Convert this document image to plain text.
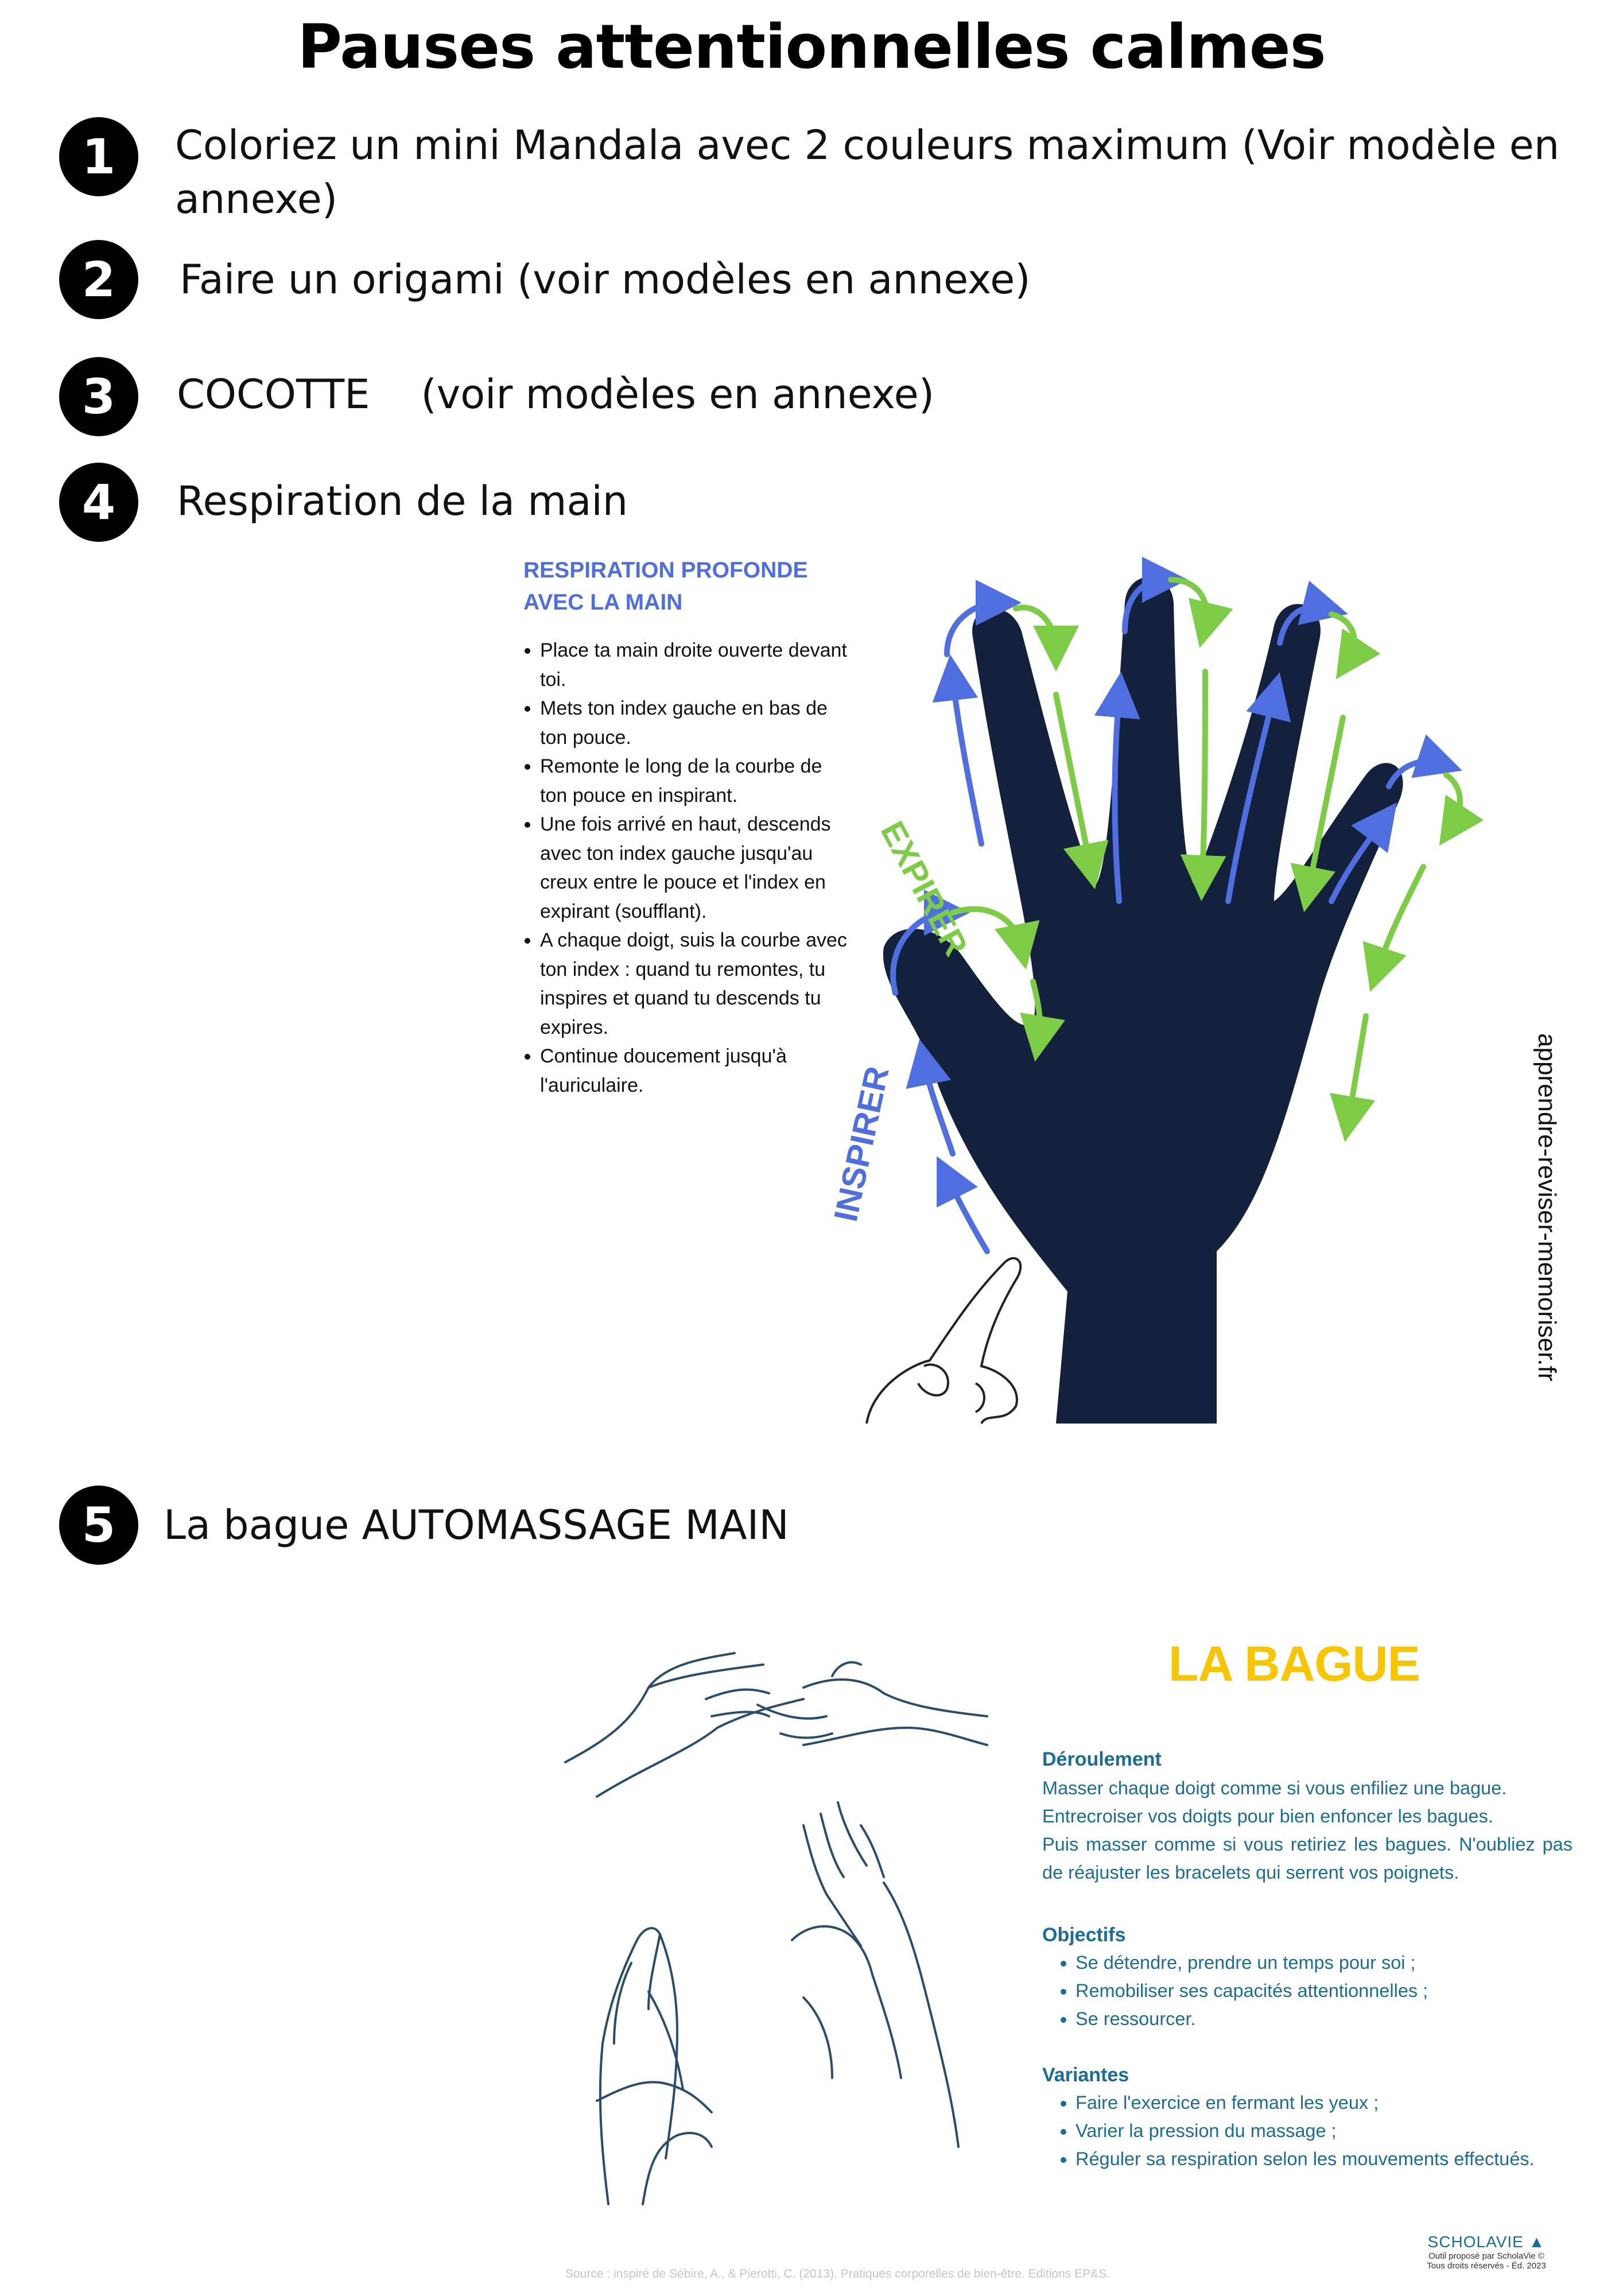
Pauses attentionnelles calmes
1	Coloriez un mini Mandala avec 2 couleurs maximum (Voir modèle en annexe)
2	Faire un origami (voir modèles en annexe)
3	COCOTTE    (voir modèles en annexe)
4	Respiration de la main
5	La bague AUTOMASSAGE MAIN
RESPIRATION PROFONDE
AVEC LA MAIN
• Place ta main droite ouverte devant toi.
• Mets ton index gauche en bas de ton pouce.
• Remonte le long de la courbe de ton pouce en inspirant.
• Une fois arrivé en haut, descends avec ton index gauche jusqu'au creux entre le pouce et l'index en expirant (soufflant).
• A chaque doigt, suis la courbe avec ton index : quand tu remontes, tu inspires et quand tu descends tu expires.
• Continue doucement jusqu'à l'auriculaire.
EXPIRER
INSPIRER	apprendre-reviser-memoriser.fr
LA BAGUE
Déroulement
Masser chaque doigt comme si vous enfiliez une bague.
Entrecroiser vos doigts pour bien enfoncer les bagues.
Puis masser comme si vous retiriez les bagues. N'oubliez pas de réajuster les bracelets qui serrent vos poignets.
Objectifs
• Se détendre, prendre un temps pour soi ;
• Remobiliser ses capacités attentionnelles ;
• Se ressourcer.
Variantes
• Faire l'exercice en fermant les yeux ;
• Varier la pression du massage ;
• Réguler sa respiration selon les mouvements effectués.
Source : inspiré de Sébire, A., & Pierotti, C. (2013). Pratiques corporelles de bien-être. Editions EP&S.
SCHOLAVIE ▲
Outil proposé par ScholaVie ©
Tous droits réservés - Éd. 2023
